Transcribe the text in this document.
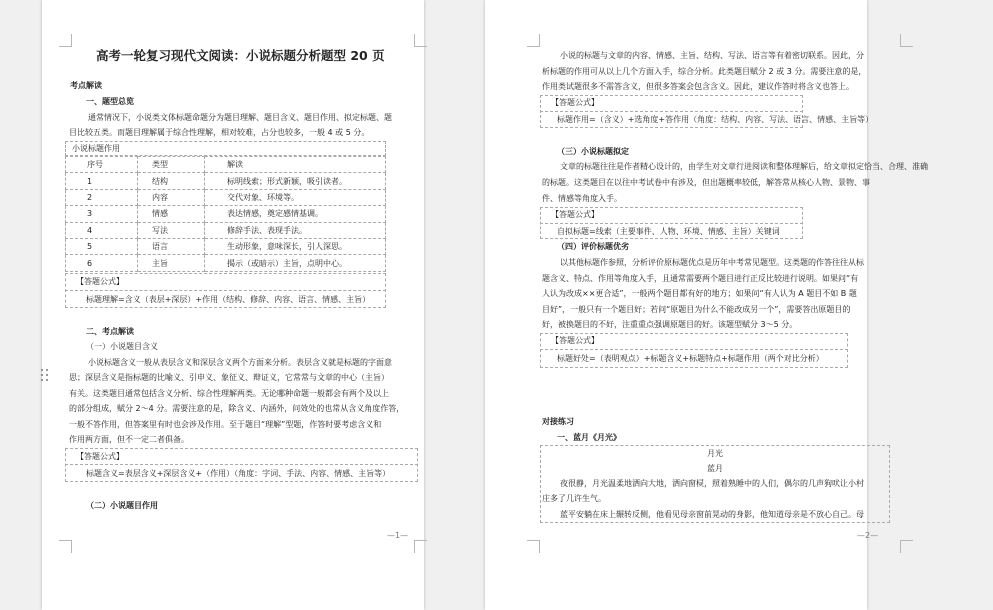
高考一轮复习现代文阅读：小说标题分析题型 20 页
考点解读
一、题型总览
通常情况下，小说类文体标题命题分为题目理解、题目含义、题目作用、拟定标题、题
目比较五类。而题目理解属于综合性理解，相对较难，占分也较多，一般 4 或 5 分。
小说标题作用
序号	类型	解读
1	结构	标明线索；形式新颖，吸引读者。
2	内容	交代对象、环境等。
3	情感	表达情感，奠定感情基调。
4	写法	修辞手法、表现手法。
5	语言	生动形象，意味深长，引人深思。
6	主旨	揭示（或暗示）主旨，点明中心。
【答题公式】
标题理解=含义（表层+深层）+作用（结构、修辞、内容、语言、情感、主旨）
二、考点解读
（一）小说题目含义
小说标题含义一般从表层含义和深层含义两个方面来分析。表层含义就是标题的字面意
思；深层含义是指标题的比喻义、引申义、象征义、辩证义，它常常与文章的中心（主旨）
有关。这类题目通常包括含义分析、综合性理解两类。无论哪种命题一般都会有两个及以上
的部分组成，赋分 2～4 分。需要注意的是，除含义、内涵外，问效处的也常从含义角度作答，
一般不答作用，但答案里有时也会涉及作用。至于题目“理解”型题，作答时要考虑含义和
作用两方面，但不一定二者俱备。
【答题公式】
标题含义=表层含义+深层含义+（作用）（角度：字词、手法、内容、情感、主旨等）
（二）小说题目作用
—1—
小说的标题与文章的内容、情感、主旨、结构、写法、语言等有着密切联系。因此，分
析标题的作用可从以上几个方面入手，综合分析。此类题目赋分 2 或 3 分。需要注意的是，
作用类试题很多不需答含义，但很多答案会包含含义。因此，建议作答时将含义也答上。
【答题公式】
标题作用=（含义）+选角度+答作用（角度：结构、内容、写法、语言、情感、主旨等）
（三）小说标题拟定
文章的标题往往是作者精心设计的，由学生对文章行进阅读和整体理解后，给文章拟定恰当、合理、准确
的标题。这类题目在以往中考试卷中有涉及，但出题概率较低，解答常从核心人物、景物、事
件、情感等角度入手。
【答题公式】
自拟标题=线索（主要事件、人物、环境、情感、主旨）关键词
（四）评价标题优劣
以其他标题作参照，分析评价原标题优点是历年中考常见题型。这类题的作答往往从标
题含义、特点、作用等角度入手，且通常需要两个题目进行正反比较进行说明。如果问“有
人认为改成××更合适”，一般两个题目都有好的地方；如果问“有人认为 A 题目不如 B 题
目好”，一般只有一个题目好；若问“原题目为什么不能改成另一个”，需要答出原题目的
好，被换题目的不好，注重重点强调原题目的好。该题型赋分 3～5 分。
【答题公式】
标题好处=（表明观点）+标题含义+标题特点+标题作用（两个对比分析）
对接练习
一、蓝月《月光》
月光
蓝月
夜很静，月光温柔地洒向大地，洒向窗棂，照着熟睡中的人们，偶尔的几声狗吠让小村
庄多了几许生气。
蓝平安躺在床上辗转反侧，他看见母亲窗前晃动的身影，他知道母亲是不放心自己。母
—2—
